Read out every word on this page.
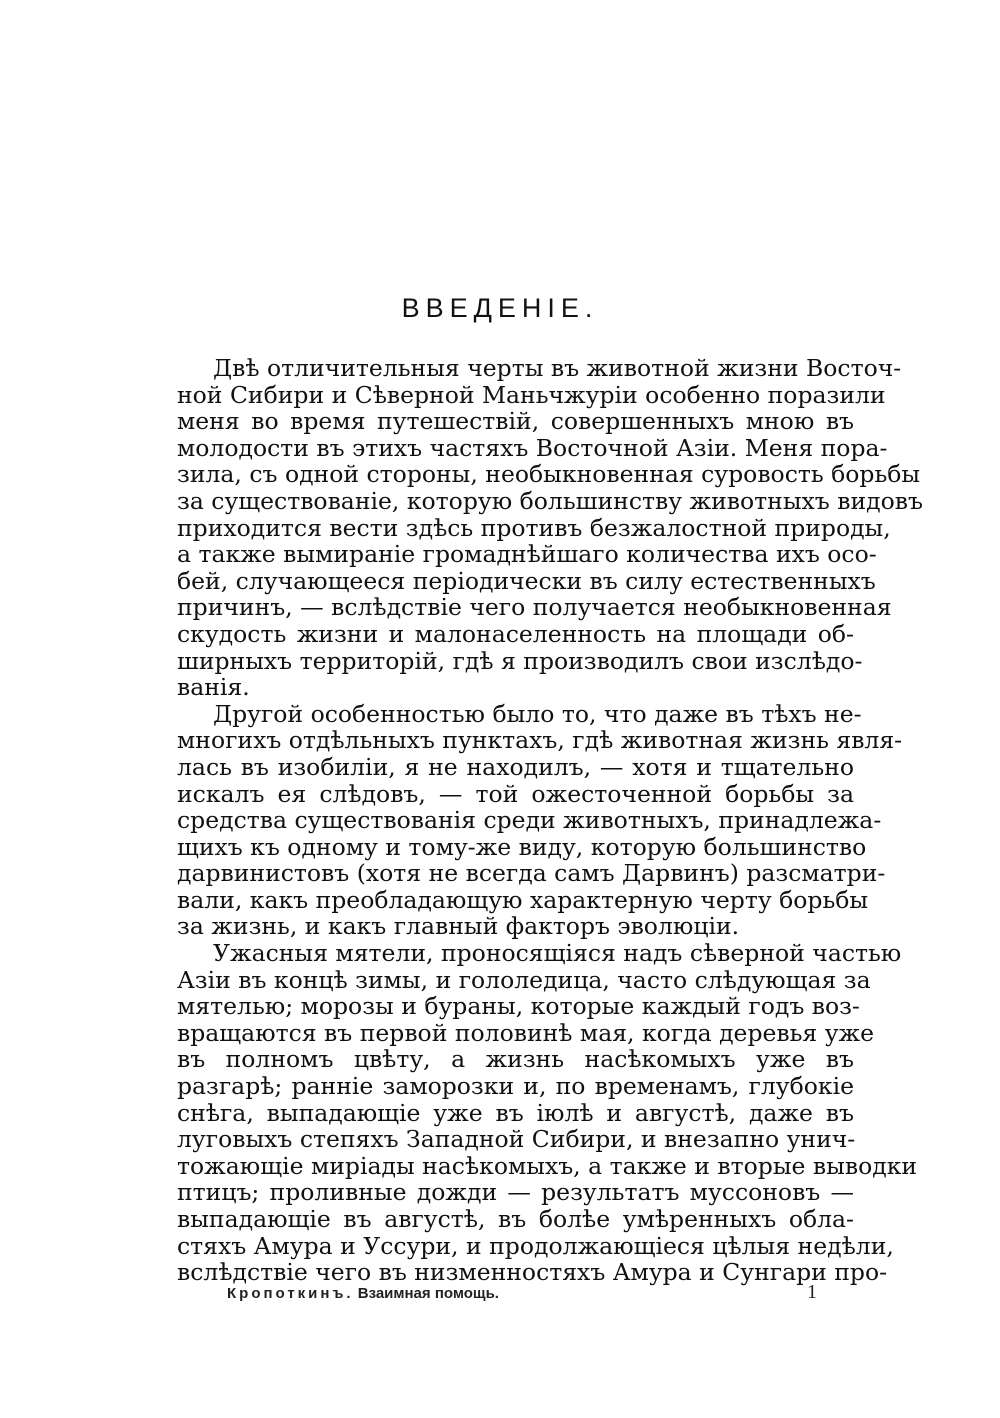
ВВЕДЕНІЕ.
Двѣ отличительныя черты въ животной жизни Восточ-
ной Сибири и Сѣверной Маньчжуріи особенно поразили
меня во время путешествій, совершенныхъ мною въ
молодости въ этихъ частяхъ Восточной Азіи. Меня пора-
зила, съ одной стороны, необыкновенная суровость борьбы
за существованіе, которую большинству животныхъ видовъ
приходится вести здѣсь противъ безжалостной природы,
а также вымираніе громаднѣйшаго количества ихъ осо-
бей, случающееся періодически въ силу естественныхъ
причинъ, — вслѣдствіе чего получается необыкновенная
скудость жизни и малонаселенность на площади об-
ширныхъ территорій, гдѣ я производилъ свои изслѣдо-
ванія.
Другой особенностью было то, что даже въ тѣхъ не-
многихъ отдѣльныхъ пунктахъ, гдѣ животная жизнь явля-
лась въ изобиліи, я не находилъ, — хотя и тщательно
искалъ ея слѣдовъ, — той ожесточенной борьбы за
средства существованія среди животныхъ, принадлежа-
щихъ къ одному и тому-же виду, которую большинство
дарвинистовъ (хотя не всегда самъ Дарвинъ) разсматри-
вали, какъ преобладающую характерную черту борьбы
за жизнь, и какъ главный факторъ эволюціи.
Ужасныя мятели, проносящіяся надъ сѣверной частью
Азіи въ концѣ зимы, и гололедица, часто слѣдующая за
мятелью; морозы и бураны, которые каждый годъ воз-
вращаются въ первой половинѣ мая, когда деревья уже
въ полномъ цвѣту, а жизнь насѣкомыхъ уже въ
разгарѣ; ранніе заморозки и, по временамъ, глубокіе
снѣга, выпадающіе уже въ іюлѣ и августѣ, даже въ
луговыхъ степяхъ Западной Сибири, и внезапно унич-
тожающіе миріады насѣкомыхъ, а также и вторые выводки
птицъ; проливные дожди — результатъ муссоновъ —
выпадающіе въ августѣ, въ болѣе умѣренныхъ обла-
стяхъ Амура и Уссури, и продолжающіеся цѣлыя недѣли,
вслѣдствіе чего въ низменностяхъ Амура и Сунгари про-
Кропоткинъ. Взаимная помощь.	1
